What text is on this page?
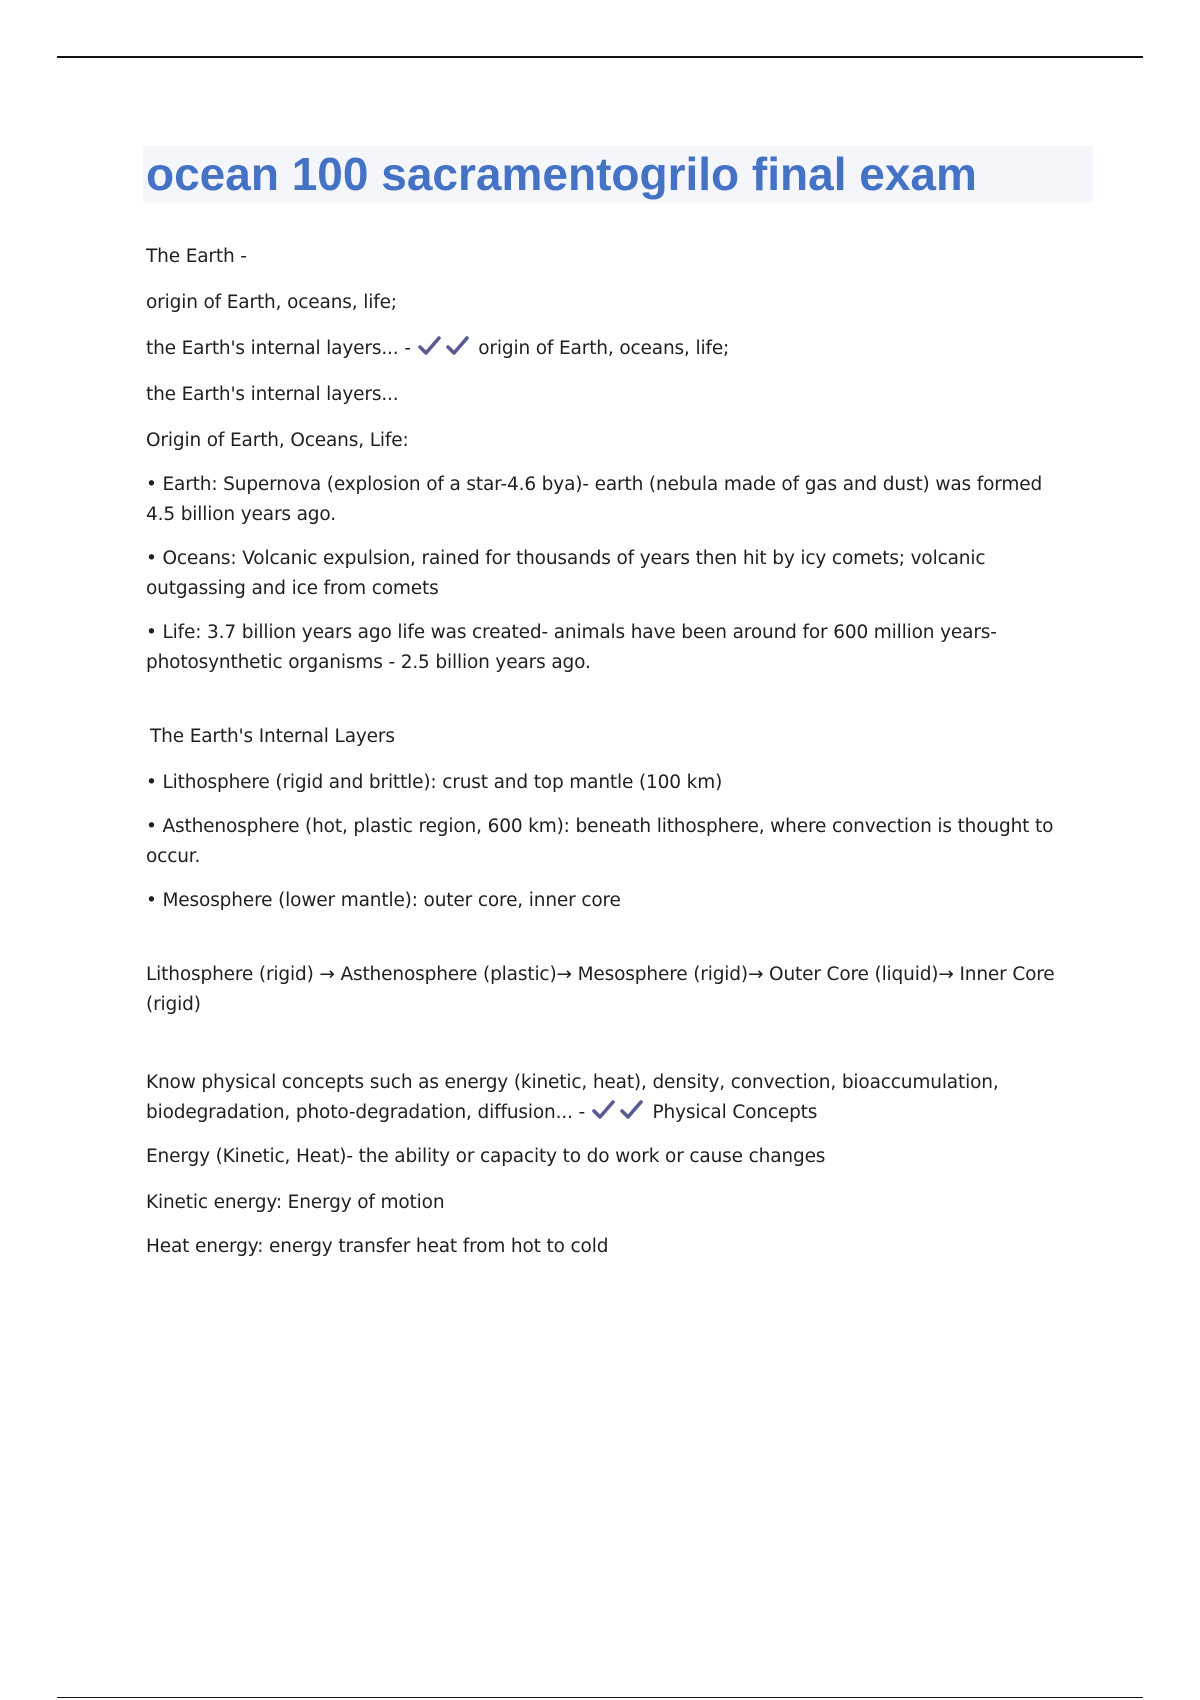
ocean 100 sacramentogrilo final exam

The Earth -

origin of Earth, oceans, life;

the Earth's internal layers... -	origin of Earth, oceans, life;

the Earth's internal layers...

Origin of Earth, Oceans, Life:

• Earth: Supernova (explosion of a star-4.6 bya)- earth (nebula made of gas and dust) was formed 4.5 billion years ago.

• Oceans: Volcanic expulsion, rained for thousands of years then hit by icy comets; volcanic outgassing and ice from comets

• Life: 3.7 billion years ago life was created- animals have been around for 600 million years- photosynthetic organisms - 2.5 billion years ago.

The Earth's Internal Layers

• Lithosphere (rigid and brittle): crust and top mantle (100 km)

• Asthenosphere (hot, plastic region, 600 km): beneath lithosphere, where convection is thought to occur.

• Mesosphere (lower mantle): outer core, inner core

Lithosphere (rigid) → Asthenosphere (plastic)→ Mesosphere (rigid)→ Outer Core (liquid)→ Inner Core (rigid)

Know physical concepts such as energy (kinetic, heat), density, convection, bioaccumulation, biodegradation, photo-degradation, diffusion... -	Physical Concepts

Energy (Kinetic, Heat)- the ability or capacity to do work or cause changes

Kinetic energy: Energy of motion

Heat energy: energy transfer heat from hot to cold
